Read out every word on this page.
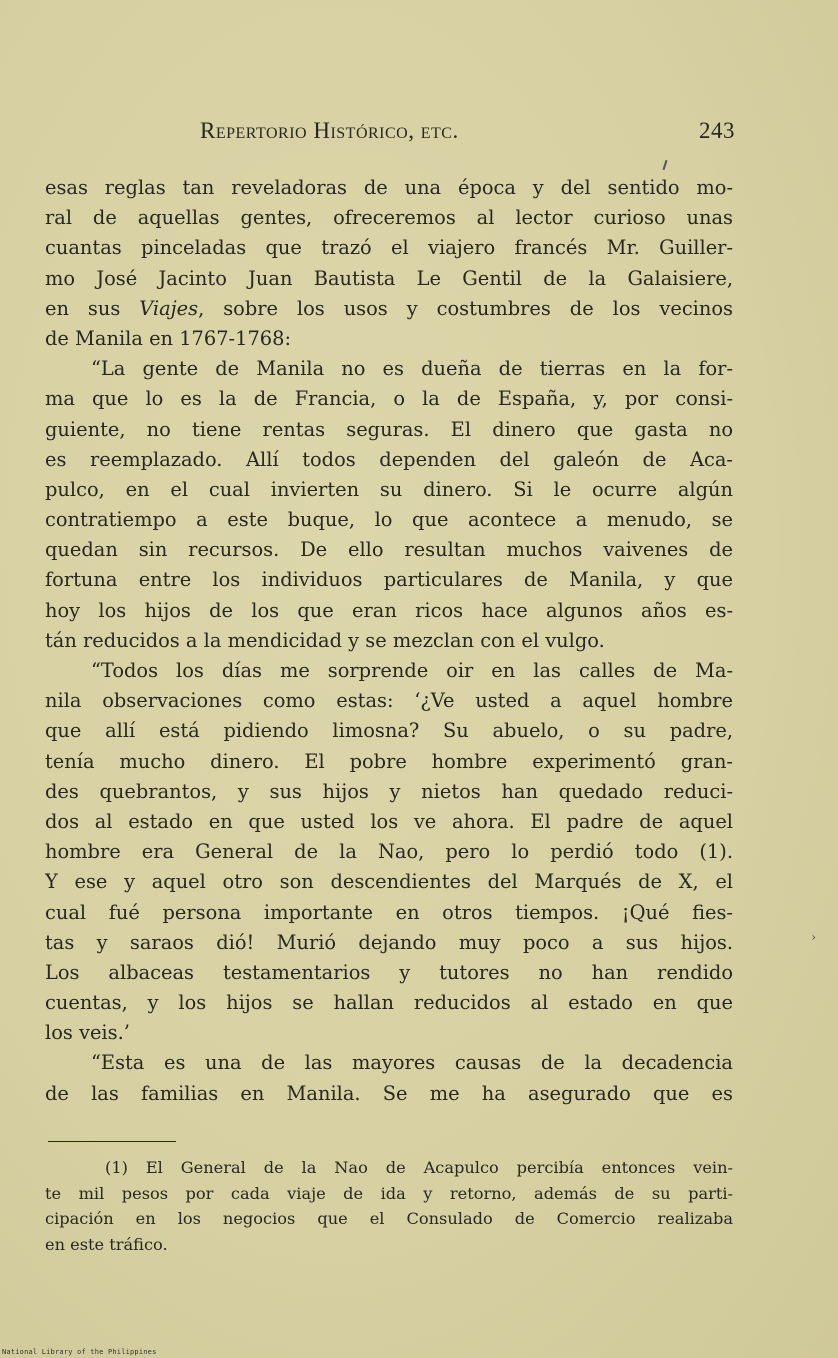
Repertorio Histórico, etc.	243
esas reglas tan reveladoras de una época y del sentido mo-
ral de aquellas gentes, ofreceremos al lector curioso unas
cuantas pinceladas que trazó el viajero francés Mr. Guiller-
mo José Jacinto Juan Bautista Le Gentil de la Galaisiere,
en sus Viajes, sobre los usos y costumbres de los vecinos
de Manila en 1767-1768:
“La gente de Manila no es dueña de tierras en la for-
ma que lo es la de Francia, o la de España, y, por consi-
guiente, no tiene rentas seguras. El dinero que gasta no
es reemplazado. Allí todos dependen del galeón de Aca-
pulco, en el cual invierten su dinero. Si le ocurre algún
contratiempo a este buque, lo que acontece a menudo, se
quedan sin recursos. De ello resultan muchos vaivenes de
fortuna entre los individuos particulares de Manila, y que
hoy los hijos de los que eran ricos hace algunos años es-
tán reducidos a la mendicidad y se mezclan con el vulgo.
“Todos los días me sorprende oir en las calles de Ma-
nila observaciones como estas: ‘¿Ve usted a aquel hombre
que allí está pidiendo limosna? Su abuelo, o su padre,
tenía mucho dinero. El pobre hombre experimentó gran-
des quebrantos, y sus hijos y nietos han quedado reduci-
dos al estado en que usted los ve ahora. El padre de aquel
hombre era General de la Nao, pero lo perdió todo (1).
Y ese y aquel otro son descendientes del Marqués de X, el
cual fué persona importante en otros tiempos. ¡Qué fies-
tas y saraos dió! Murió dejando muy poco a sus hijos.
Los albaceas testamentarios y tutores no han rendido
cuentas, y los hijos se hallan reducidos al estado en que
los veis.’
“Esta es una de las mayores causas de la decadencia
de las familias en Manila. Se me ha asegurado que es
(1) El General de la Nao de Acapulco percibía entonces vein-
te mil pesos por cada viaje de ida y retorno, además de su parti-
cipación en los negocios que el Consulado de Comercio realizaba
en este tráfico.
›
National Library of the Philippines
